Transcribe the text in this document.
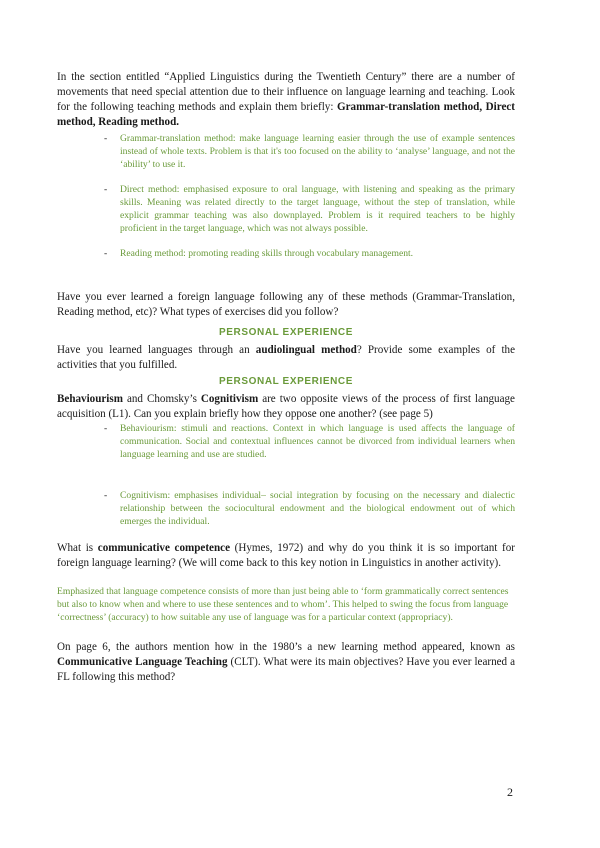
In the section entitled “Applied Linguistics during the Twentieth Century” there are a number of movements that need special attention due to their influence on language learning and teaching. Look for the following teaching methods and explain them briefly: Grammar-translation method, Direct method, Reading method.

- Grammar-translation method: make language learning easier through the use of example sentences instead of whole texts. Problem is that it's too focused on the ability to ‘analyse’ language, and not the ‘ability’ to use it.
- Direct method: emphasised exposure to oral language, with listening and speaking as the primary skills. Meaning was related directly to the target language, without the step of translation, while explicit grammar teaching was also downplayed. Problem is it required teachers to be highly proficient in the target language, which was not always possible.
- Reading method: promoting reading skills through vocabulary management.

Have you ever learned a foreign language following any of these methods (Grammar-Translation, Reading method, etc)? What types of exercises did you follow?

PERSONAL EXPERIENCE

Have you learned languages through an audiolingual method? Provide some examples of the activities that you fulfilled.

PERSONAL EXPERIENCE

Behaviourism and Chomsky’s Cognitivism are two opposite views of the process of first language acquisition (L1). Can you explain briefly how they oppose one another? (see page 5)

- Behaviourism: stimuli and reactions. Context in which language is used affects the language of communication. Social and contextual influences cannot be divorced from individual learners when language learning and use are studied.
- Cognitivism: emphasises individual– social integration by focusing on the necessary and dialectic relationship between the sociocultural endowment and the biological endowment out of which emerges the individual.

What is communicative competence (Hymes, 1972) and why do you think it is so important for foreign language learning? (We will come back to this key notion in Linguistics in another activity).

Emphasized that language competence consists of more than just being able to ‘form grammatically correct sentences but also to know when and where to use these sentences and to whom’. This helped to swing the focus from language ‘correctness’ (accuracy) to how suitable any use of language was for a particular context (appropriacy).

On page 6, the authors mention how in the 1980’s a new learning method appeared, known as Communicative Language Teaching (CLT). What were its main objectives? Have you ever learned a FL following this method?

2
